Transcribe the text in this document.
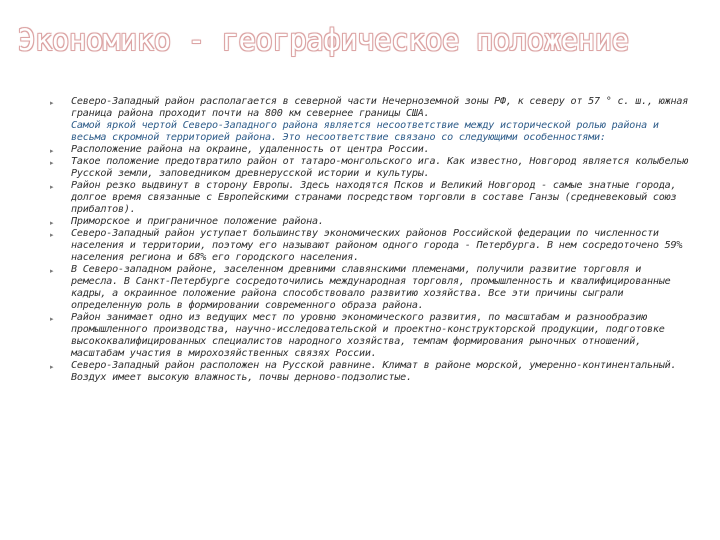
Экономико - географическое положение
▸ Северо-Западный район располагается в северной части Нечерноземной зоны РФ, к северу от 57 ° с. ш., южная граница района проходит почти на 800 км севернее границы США.
Самой яркой чертой Северо-Западного района является несоответствие между исторической ролью района и весьма скромной территорией района. Это несоответствие связано со следующими особенностями:
▸ Расположение района на окраине, удаленность от центра России.
▸ Такое положение предотвратило район от татаро-монгольского ига. Как известно, Новгород является колыбелью Русской земли, заповедником древнерусской истории и культуры.
▸ Район резко выдвинут в сторону Европы. Здесь находятся Псков и Великий Новгород - самые знатные города, долгое время связанные с Европейскими странами посредством торговли в составе Ганзы (средневековый союз прибалтов).
▸ Приморское и приграничное положение района.
▸ Северо-Западный район уступает большинству экономических районов Российской федерации по численности населения и территории, поэтому его называют районом одного города - Петербурга. В нем сосредоточено 59% населения региона и 68% его городского населения.
▸ В Северо-западном районе, заселенном древними славянскими племенами, получили развитие торговля и ремесла. В Санкт-Петербурге сосредоточились международная торговля, промышленность и квалифицированные кадры, а окраинное положение района способствовало развитию хозяйства. Все эти причины сыграли определенную роль в формировании современного образа района.
▸ Район занимает одно из ведущих мест по уровню экономического развития, по масштабам и разнообразию промышленного производства, научно-исследовательской и проектно-конструкторской продукции, подготовке высококвалифицированных специалистов народного хозяйства, темпам формирования рыночных отношений, масштабам участия в мирохозяйственных связях России.
▸ Северо-Западный район расположен на Русской равнине. Климат в районе морской, умеренно-континентальный. Воздух имеет высокую влажность, почвы дерново-подзолистые.
